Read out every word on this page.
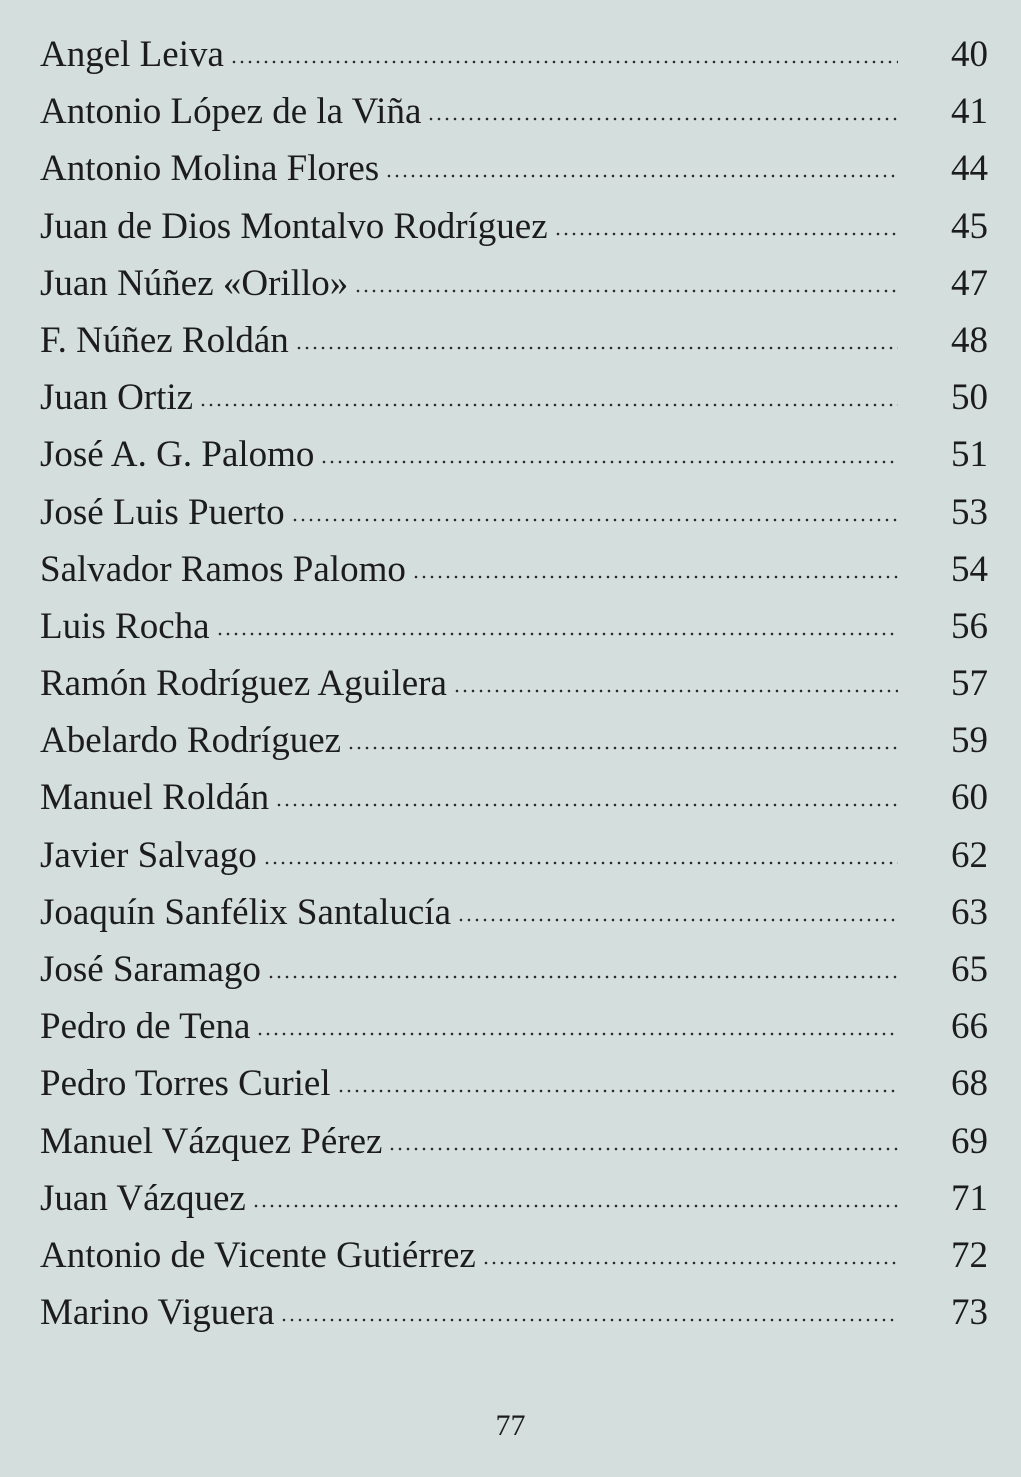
Angel Leiva	40
Antonio López de la Viña	41
Antonio Molina Flores	44
Juan de Dios Montalvo Rodríguez	45
Juan Núñez «Orillo»	47
F. Núñez Roldán	48
Juan Ortiz	50
José A. G. Palomo	51
José Luis Puerto	53
Salvador Ramos Palomo	54
Luis Rocha	56
Ramón Rodríguez Aguilera	57
Abelardo Rodríguez	59
Manuel Roldán	60
Javier Salvago	62
Joaquín Sanfélix Santalucía	63
José Saramago	65
Pedro de Tena	66
Pedro Torres Curiel	68
Manuel Vázquez Pérez	69
Juan Vázquez	71
Antonio de Vicente Gutiérrez	72
Marino Viguera	73
77
